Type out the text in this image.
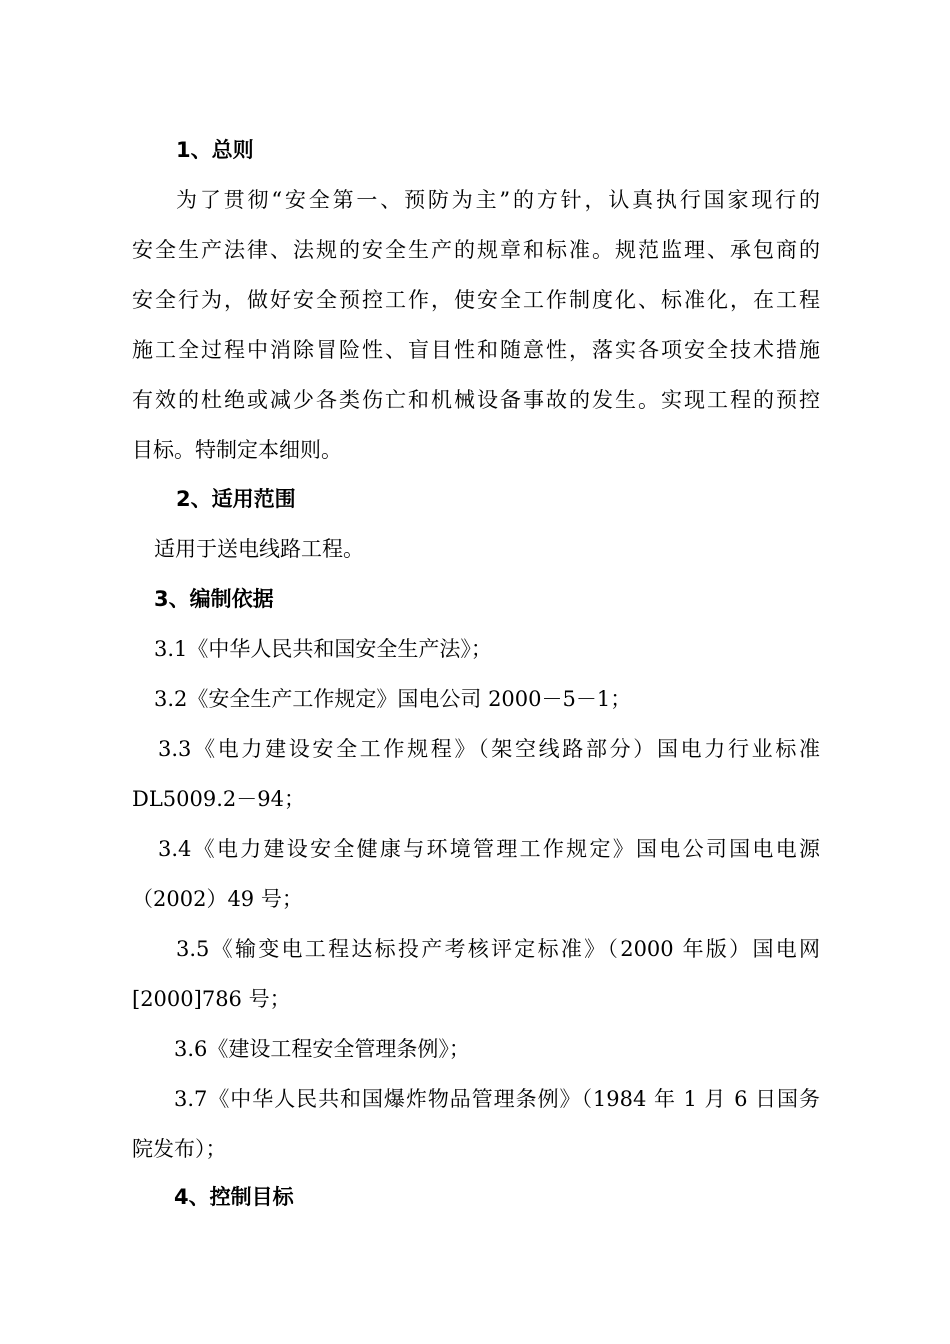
1、总则
为了贯彻“安全第一、预防为主”的方针，认真执行国家现行的
安全生产法律、法规的安全生产的规章和标准。规范监理、承包商的
安全行为，做好安全预控工作，使安全工作制度化、标准化，在工程
施工全过程中消除冒险性、盲目性和随意性，落实各项安全技术措施
有效的杜绝或减少各类伤亡和机械设备事故的发生。实现工程的预控
目标。特制定本细则。
2、适用范围
适用于送电线路工程。
3、编制依据
3.1《中华人民共和国安全生产法》；
3.2《安全生产工作规定》国电公司 2000－5－1；
3.3《电力建设安全工作规程》（架空线路部分）国电力行业标准
DL5009.2－94；
3.4《电力建设安全健康与环境管理工作规定》国电公司国电电源
（2002）49 号；
3.5《输变电工程达标投产考核评定标准》（2000 年版）国电网
[2000]786 号；
3.6《建设工程安全管理条例》；
3.7《中华人民共和国爆炸物品管理条例》（1984 年 1 月 6 日国务
院发布）；
4、控制目标
